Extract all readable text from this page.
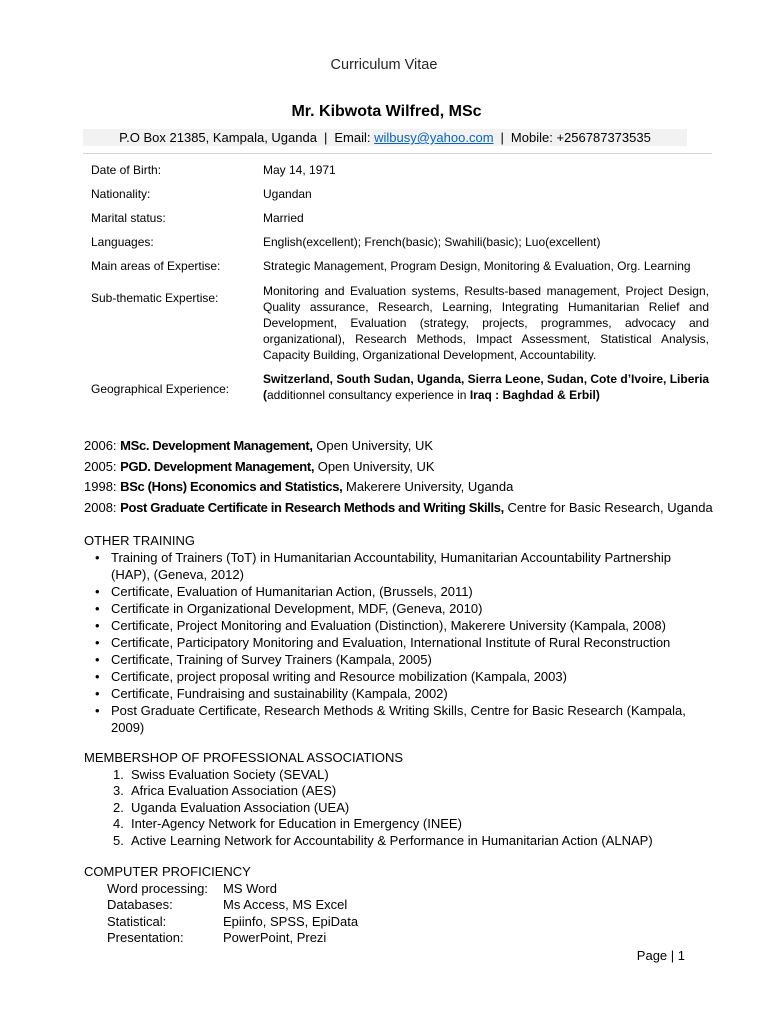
Curriculum Vitae
Mr. Kibwota Wilfred, MSc
P.O Box 21385, Kampala, Uganda | Email: wilbusy@yahoo.com | Mobile: +256787373535
Date of Birth:	May 14, 1971
Nationality:	Ugandan
Marital status:	Married
Languages:	English(excellent); French(basic); Swahili(basic); Luo(excellent)
Main areas of Expertise:	Strategic Management, Program Design, Monitoring & Evaluation, Org. Learning
Sub-thematic Expertise:	Monitoring and Evaluation systems, Results-based management, Project Design, Quality assurance, Research, Learning, Integrating Humanitarian Relief and Development, Evaluation (strategy, projects, programmes, advocacy and organizational), Research Methods, Impact Assessment, Statistical Analysis, Capacity Building, Organizational Development, Accountability.
Geographical Experience:
Switzerland, South Sudan, Uganda, Sierra Leone, Sudan, Cote d’Ivoire, Liberia
(additionnel consultancy experience in Iraq : Baghdad & Erbil)
2006: MSc. Development Management, Open University, UK
2005: PGD. Development Management, Open University, UK
1998: BSc (Hons) Economics and Statistics, Makerere University, Uganda
2008: Post Graduate Certificate in Research Methods and Writing Skills, Centre for Basic Research, Uganda
OTHER TRAINING
• Training of Trainers (ToT) in Humanitarian Accountability, Humanitarian Accountability Partnership (HAP), (Geneva, 2012)
• Certificate, Evaluation of Humanitarian Action, (Brussels, 2011)
• Certificate in Organizational Development, MDF, (Geneva, 2010)
• Certificate, Project Monitoring and Evaluation (Distinction), Makerere University (Kampala, 2008)
• Certificate, Participatory Monitoring and Evaluation, International Institute of Rural Reconstruction
• Certificate, Training of Survey Trainers (Kampala, 2005)
• Certificate, project proposal writing and Resource mobilization (Kampala, 2003)
• Certificate, Fundraising and sustainability (Kampala, 2002)
• Post Graduate Certificate, Research Methods & Writing Skills, Centre for Basic Research (Kampala, 2009)
MEMBERSHOP OF PROFESSIONAL ASSOCIATIONS
1. Swiss Evaluation Society (SEVAL)
3. Africa Evaluation Association (AES)
2. Uganda Evaluation Association (UEA)
4. Inter-Agency Network for Education in Emergency (INEE)
5. Active Learning Network for Accountability & Performance in Humanitarian Action (ALNAP)
COMPUTER PROFICIENCY
Word processing: MS Word
Databases:	Ms Access, MS Excel
Statistical:	Epiinfo, SPSS, EpiData
Presentation:	PowerPoint, Prezi
Page | 1
